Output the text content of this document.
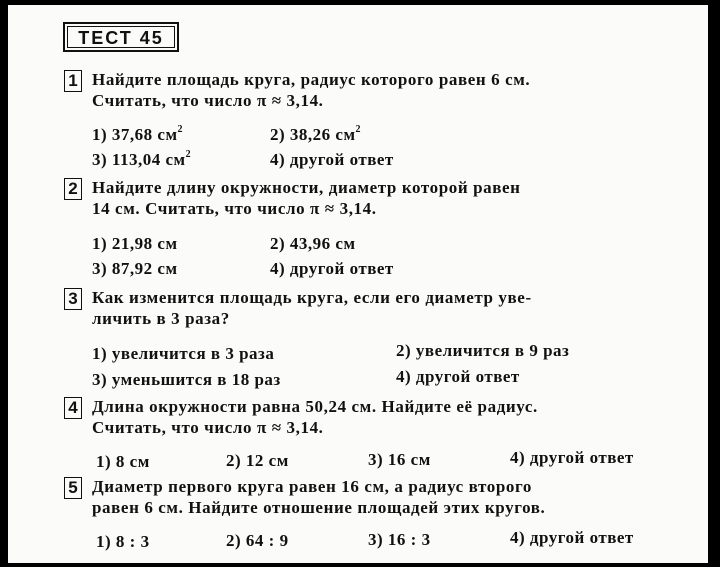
ТЕСТ 45
1 Найдите площадь круга, радиус которого равен 6 см.
Считать, что число π ≈ 3,14.
1) 37,68 $см^2$	2) 38,26 $см^2$
3) 113,04 $см^2$	4) другой ответ
2 Найдите длину окружности, диаметр которой равен
14 см. Считать, что число π ≈ 3,14.
1) 21,98 см	2) 43,96 см
3) 87,92 см	4) другой ответ
3 Как изменится площадь круга, если его диаметр уве-
личить в 3 раза?
1) увеличится в 3 раза	2) увеличится в 9 раз
3) уменьшится в 18 раз	4) другой ответ
4 Длина окружности равна 50,24 см. Найдите её радиус.
Считать, что число π ≈ 3,14.
1) 8 см	2) 12 см	3) 16 см	4) другой ответ
5 Диаметр первого круга равен 16 см, а радиус второго
равен 6 см. Найдите отношение площадей этих кругов.
1) 8 : 3	2) 64 : 9	3) 16 : 3	4) другой ответ
